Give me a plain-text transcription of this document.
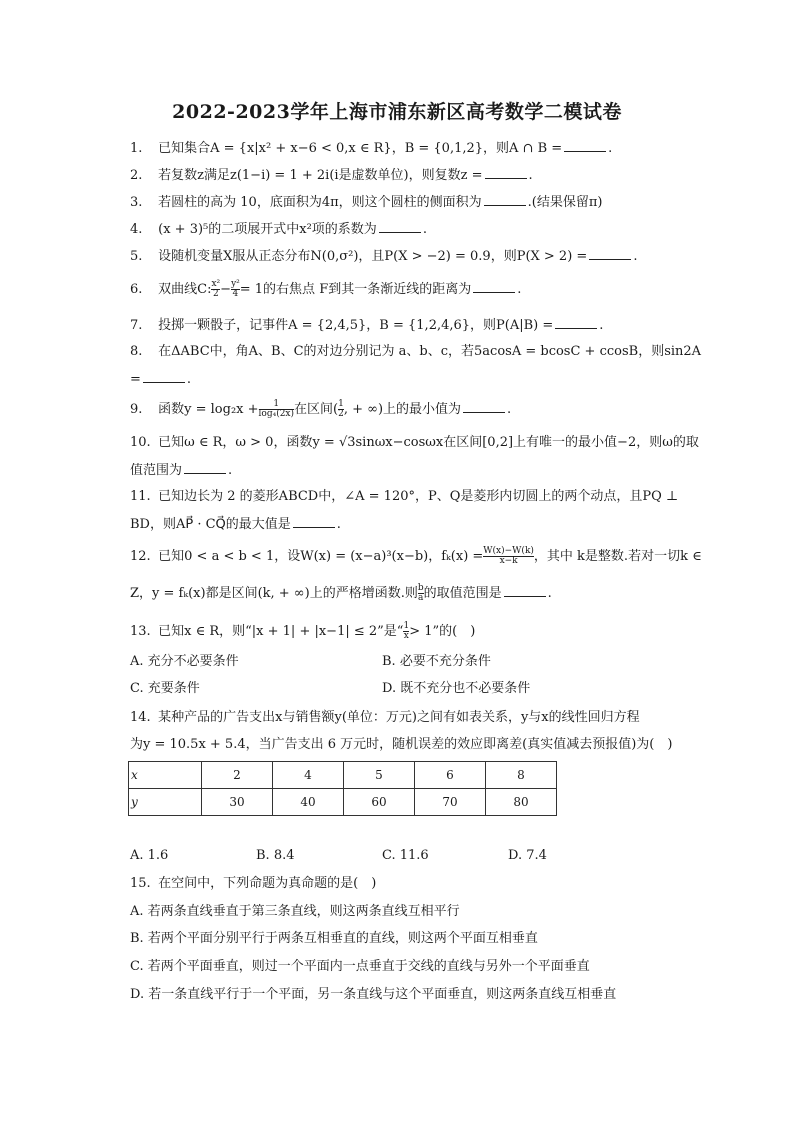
2022-2023学年上海市浦东新区高考数学二模试卷
1. 已知集合A = {x|x² + x−6 < 0,x ∈ R}，B = {0,1,2}，则A ∩ B =	.
2. 若复数z满足z(1−i) = 1 + 2i(i是虚数单位)，则复数z =	.
3. 若圆柱的高为 10，底面积为4π，则这个圆柱的侧面积为	.(结果保留π)
4. (x + 3)⁵的二项展开式中x²项的系数为	.
5. 设随机变量X服从正态分布N(0,σ²)，且P(X > −2) = 0.9，则P(X > 2) =	.
6. 双曲线C: $\frac{\text{x²}}{2} - \frac{\text{y²}}{4} = 1$的右焦点 F到其一条渐近线的距离为	.
7. 投掷一颗骰子，记事件A = {2,4,5}，B = {1,2,4,6}，则P(A|B) =	.
8. 在ΔABC中，角A、B、C的对边分别记为 a、b、c，若5acosA = bcosC + ccosB，则sin2A
=	.
9. 函数$y = \log_2x + \frac{1}{\text{log₄(2x)}}$ 在区间( $\frac{1}{2}$ , + ∞)上的最小值为	.
10. 已知ω ∈ R，ω > 0，函数y = √3sinωx−cosωx在区间[0,2]上有唯一的最小值−2，则ω的取
值范围为	.
11. 已知边长为 2 的菱形ABCD中，∠A = 120°，P、Q是菱形内切圆上的两个动点，且PQ ⊥
BD，则AP⃗ · CQ⃗的最大值是	.
12. 已知0 < a < b < 1，设W(x) = (x−a)³(x−b)，$f_k(x) = \frac{W(x)-W(k)}{x-k}$ ，其中 k是整数.若对一切k ∈
Z，y = fₖ(x)都是区间(k, + ∞)上的严格增函数.则 $\frac{b}{a}$ 的取值范围是	.
13. 已知x ∈ R，则“|x + 1| + |x−1| ≤ 2”是“ $\frac{1}{x} > 1$”的(　)
A. 充分不必要条件	B. 必要不充分条件
C. 充要条件	D. 既不充分也不必要条件
14. 某种产品的广告支出x与销售额y(单位：万元)之间有如表关系，y与x的线性回归方程
为y = 10.5x + 5.4，当广告支出 6 万元时，随机误差的效应即离差(真实值减去预报值)为(　)
x	2	4	5	6	8
y	30	40	60	70	80
A. 1.6	B. 8.4	C. 11.6	D. 7.4
15. 在空间中，下列命题为真命题的是(　)
A. 若两条直线垂直于第三条直线，则这两条直线互相平行
B. 若两个平面分别平行于两条互相垂直的直线，则这两个平面互相垂直
C. 若两个平面垂直，则过一个平面内一点垂直于交线的直线与另外一个平面垂直
D. 若一条直线平行于一个平面，另一条直线与这个平面垂直，则这两条直线互相垂直
